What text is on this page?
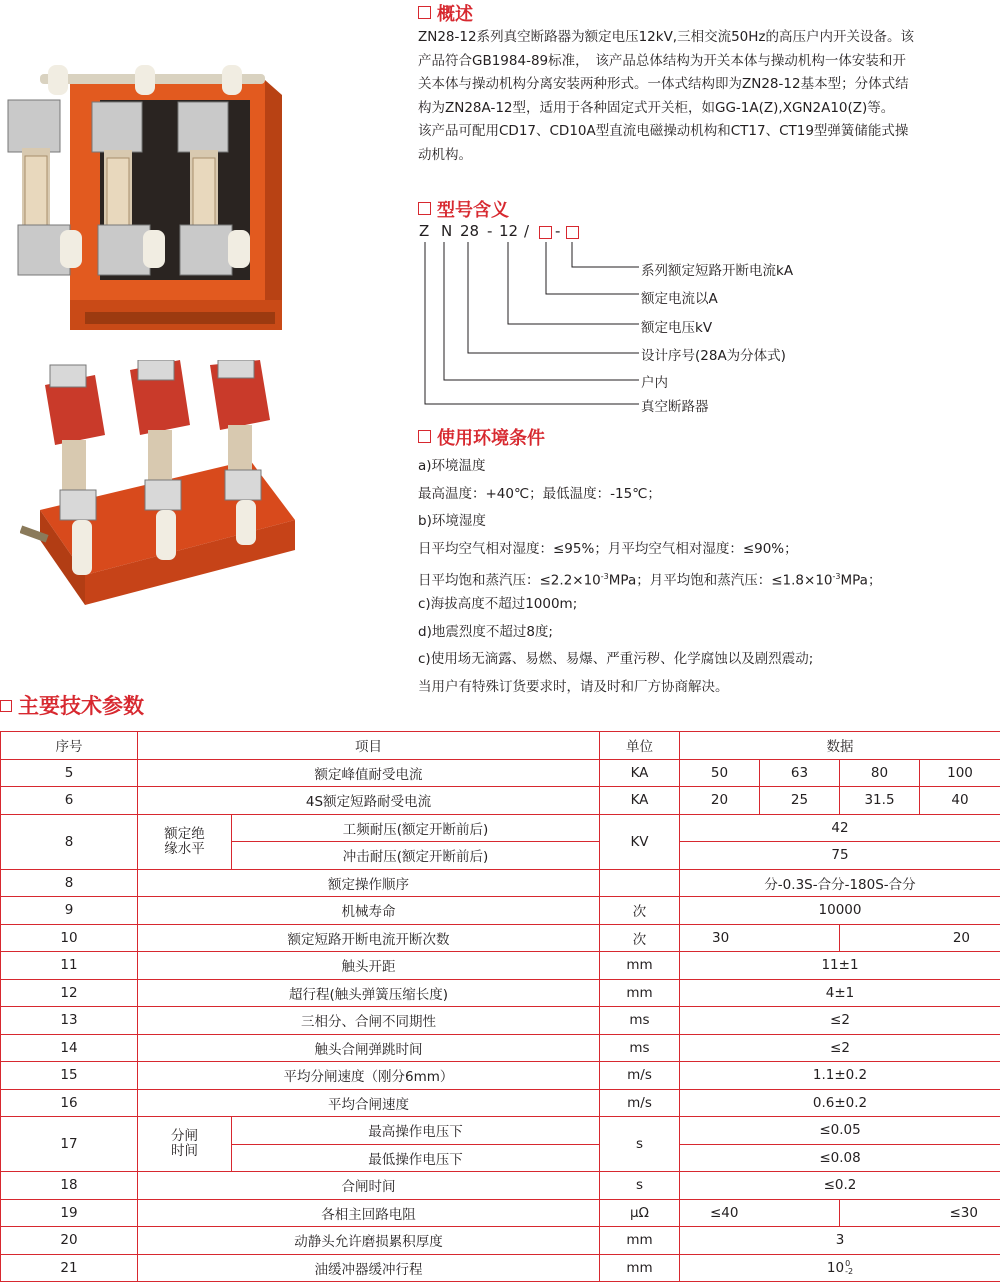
概述

ZN28-12系列真空断路器为额定电压12kV,三相交流50Hz的高压户内开关设备。该

产品符合GB1984-89标准，　该产品总体结构为开关本体与操动机构一体安装和开

关本体与操动机构分离安装两种形式。一体式结构即为ZN28-12基本型；分体式结

构为ZN28A-12型，适用于各种固定式开关柜，如GG-1A(Z),XGN2A10(Z)等。

该产品可配用CD17、CD10A型直流电磁操动机构和CT17、CT19型弹簧储能式操

动机构。

型号含义
Z N 28 - 12 / -
系列额定短路开断电流kA
额定电流以A
额定电压kV
设计序号(28A为分体式)
户内
真空断路器
使用环境条件
a)环境温度
最高温度：+40℃；最低温度：-15℃；
b)环境湿度
日平均空气相对湿度：≤95%；月平均空气相对湿度：≤90%；
日平均饱和蒸汽压：$\le 2.2\times 10^{-3}MPa$；月平均饱和蒸汽压：$\le 1.8\times 10^{-3}MPa$；
c)海拔高度不超过1000m;
d)地震烈度不超过8度;
c)使用场无滴露、易燃、易爆、严重污秽、化学腐蚀以及剧烈震动;
当用户有特殊订货要求时，请及时和厂方协商解决。
主要技术参数
序号	项目		单位	数据			
5	额定峰值耐受电流		KA	50	63	80	100
6	4S额定短路耐受电流		KA	20	25	31.5	40
8	额定绝缘水平	工频耐压(额定开断前后)	KV	42			
		冲击耐压(额定开断前后)		75			
8	额定操作顺序			分-0.3S-合分-180S-合分			
9	机械寿命		次	10000			
10	额定短路开断电流开断次数		次	30		20	
11	触头开距		mm	11±1			
12	超行程(触头弹簧压缩长度)		mm	4±1			
13	三相分、合闸不同期性		ms	≤2			
14	触头合闸弹跳时间		ms	≤2			
15	平均分闸速度（刚分6mm）		m/s	1.1±0.2			
16	平均合闸速度		m/s	0.6±0.2			
17	分闸时间	最高操作电压下	s	≤0.05			
		最低操作电压下		≤0.08			
18	合闸时间		s	≤0.2			
19	各相主回路电阻		μΩ	≤40		≤30	
20	动静头允许磨损累积厚度		mm	3			
21	油缓冲器缓冲行程		mm	10 0
-2			
